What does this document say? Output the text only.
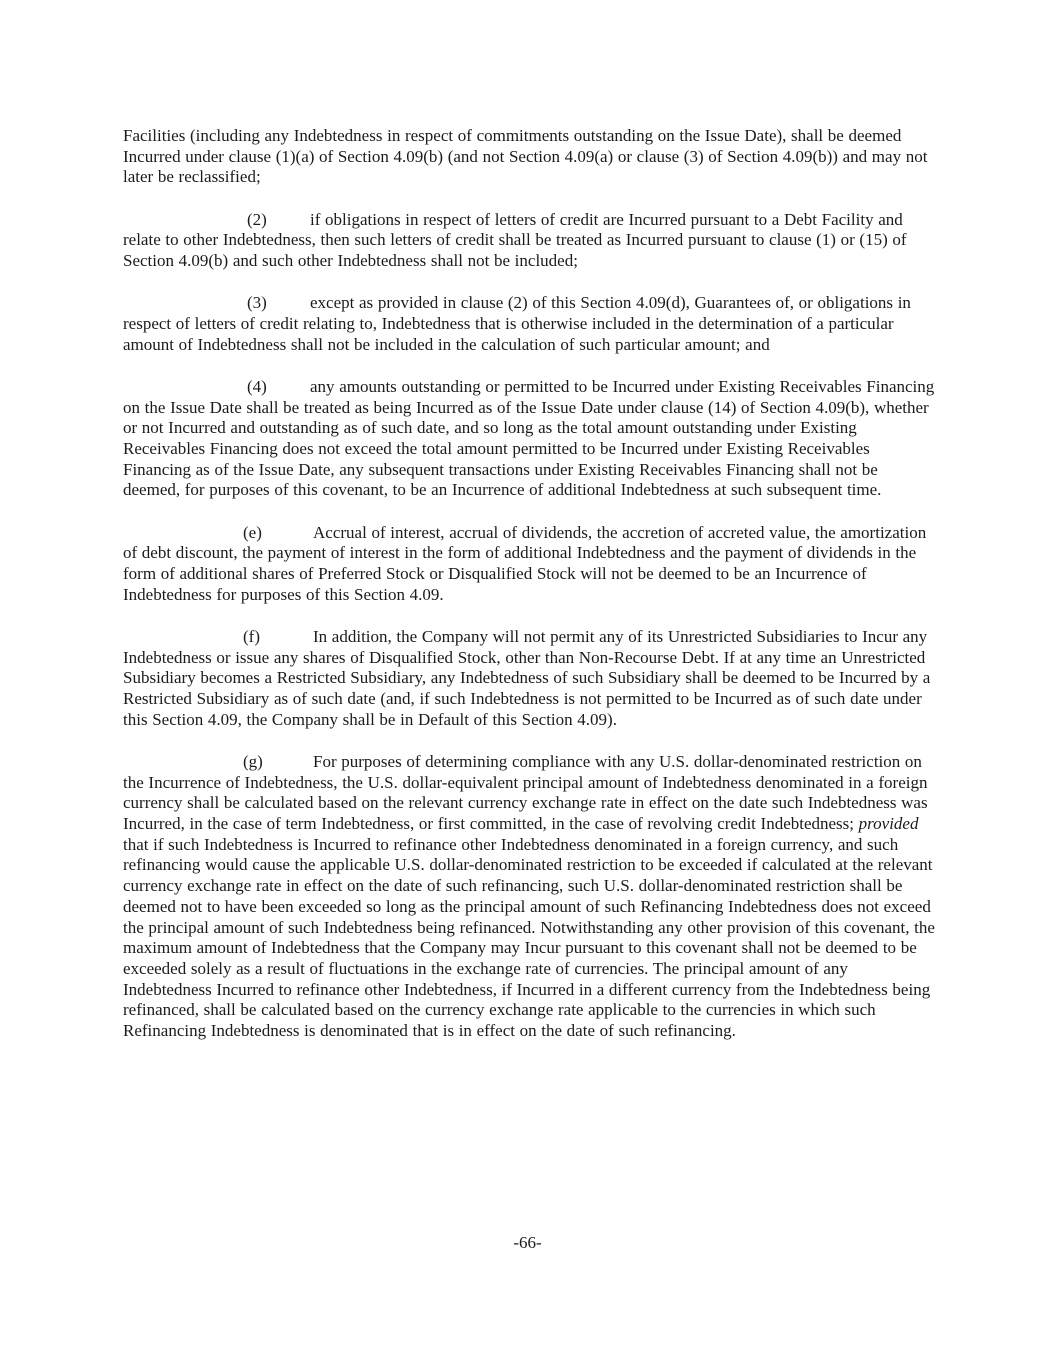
Facilities (including any Indebtedness in respect of commitments outstanding on the Issue Date), shall be deemed Incurred under clause (1)(a) of Section 4.09(b) (and not Section 4.09(a) or clause (3) of Section 4.09(b)) and may not later be reclassified;

(2)	if obligations in respect of letters of credit are Incurred pursuant to a Debt Facility and relate to other Indebtedness, then such letters of credit shall be treated as Incurred pursuant to clause (1) or (15) of Section 4.09(b) and such other Indebtedness shall not be included;

(3)	except as provided in clause (2) of this Section 4.09(d), Guarantees of, or obligations in respect of letters of credit relating to, Indebtedness that is otherwise included in the determination of a particular amount of Indebtedness shall not be included in the calculation of such particular amount; and

(4)	any amounts outstanding or permitted to be Incurred under Existing Receivables Financing on the Issue Date shall be treated as being Incurred as of the Issue Date under clause (14) of Section 4.09(b), whether or not Incurred and outstanding as of such date, and so long as the total amount outstanding under Existing Receivables Financing does not exceed the total amount permitted to be Incurred under Existing Receivables Financing as of the Issue Date, any subsequent transactions under Existing Receivables Financing shall not be deemed, for purposes of this covenant, to be an Incurrence of additional Indebtedness at such subsequent time.

(e)	Accrual of interest, accrual of dividends, the accretion of accreted value, the amortization of debt discount, the payment of interest in the form of additional Indebtedness and the payment of dividends in the form of additional shares of Preferred Stock or Disqualified Stock will not be deemed to be an Incurrence of Indebtedness for purposes of this Section 4.09.

(f)	In addition, the Company will not permit any of its Unrestricted Subsidiaries to Incur any Indebtedness or issue any shares of Disqualified Stock, other than Non-Recourse Debt. If at any time an Unrestricted Subsidiary becomes a Restricted Subsidiary, any Indebtedness of such Subsidiary shall be deemed to be Incurred by a Restricted Subsidiary as of such date (and, if such Indebtedness is not permitted to be Incurred as of such date under this Section 4.09, the Company shall be in Default of this Section 4.09).

(g)	For purposes of determining compliance with any U.S. dollar-denominated restriction on the Incurrence of Indebtedness, the U.S. dollar-equivalent principal amount of Indebtedness denominated in a foreign currency shall be calculated based on the relevant currency exchange rate in effect on the date such Indebtedness was Incurred, in the case of term Indebtedness, or first committed, in the case of revolving credit Indebtedness; provided that if such Indebtedness is Incurred to refinance other Indebtedness denominated in a foreign currency, and such refinancing would cause the applicable U.S. dollar-denominated restriction to be exceeded if calculated at the relevant currency exchange rate in effect on the date of such refinancing, such U.S. dollar-denominated restriction shall be deemed not to have been exceeded so long as the principal amount of such Refinancing Indebtedness does not exceed the principal amount of such Indebtedness being refinanced. Notwithstanding any other provision of this covenant, the maximum amount of Indebtedness that the Company may Incur pursuant to this covenant shall not be deemed to be exceeded solely as a result of fluctuations in the exchange rate of currencies. The principal amount of any Indebtedness Incurred to refinance other Indebtedness, if Incurred in a different currency from the Indebtedness being refinanced, shall be calculated based on the currency exchange rate applicable to the currencies in which such Refinancing Indebtedness is denominated that is in effect on the date of such refinancing.

-66-
